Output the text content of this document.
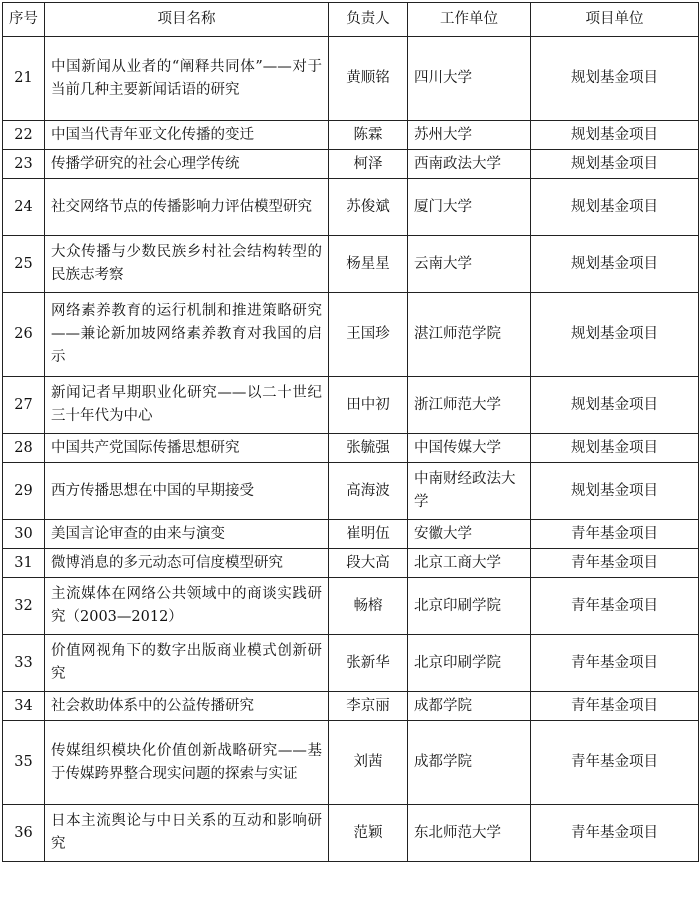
序号	项目名称	负责人	工作单位	项目单位
21	中国新闻从业者的“阐释共同体”——对于当前几种主要新闻话语的研究	黄顺铭	四川大学	规划基金项目
22	中国当代青年亚文化传播的变迁	陈霖	苏州大学	规划基金项目
23	传播学研究的社会心理学传统	柯泽	西南政法大学	规划基金项目
24	社交网络节点的传播影响力评估模型研究	苏俊斌	厦门大学	规划基金项目
25	大众传播与少数民族乡村社会结构转型的民族志考察	杨星星	云南大学	规划基金项目
26	网络素养教育的运行机制和推进策略研究——兼论新加坡网络素养教育对我国的启示	王国珍	湛江师范学院	规划基金项目
27	新闻记者早期职业化研究——以二十世纪三十年代为中心	田中初	浙江师范大学	规划基金项目
28	中国共产党国际传播思想研究	张毓强	中国传媒大学	规划基金项目
29	西方传播思想在中国的早期接受	高海波	中南财经政法大学	规划基金项目
30	美国言论审查的由来与演变	崔明伍	安徽大学	青年基金项目
31	微博消息的多元动态可信度模型研究	段大高	北京工商大学	青年基金项目
32	主流媒体在网络公共领域中的商谈实践研究（2003—2012）	畅榕	北京印刷学院	青年基金项目
33	价值网视角下的数字出版商业模式创新研究	张新华	北京印刷学院	青年基金项目
34	社会救助体系中的公益传播研究	李京丽	成都学院	青年基金项目
35	传媒组织模块化价值创新战略研究——基于传媒跨界整合现实问题的探索与实证	刘茜	成都学院	青年基金项目
36	日本主流舆论与中日关系的互动和影响研究	范颖	东北师范大学	青年基金项目
